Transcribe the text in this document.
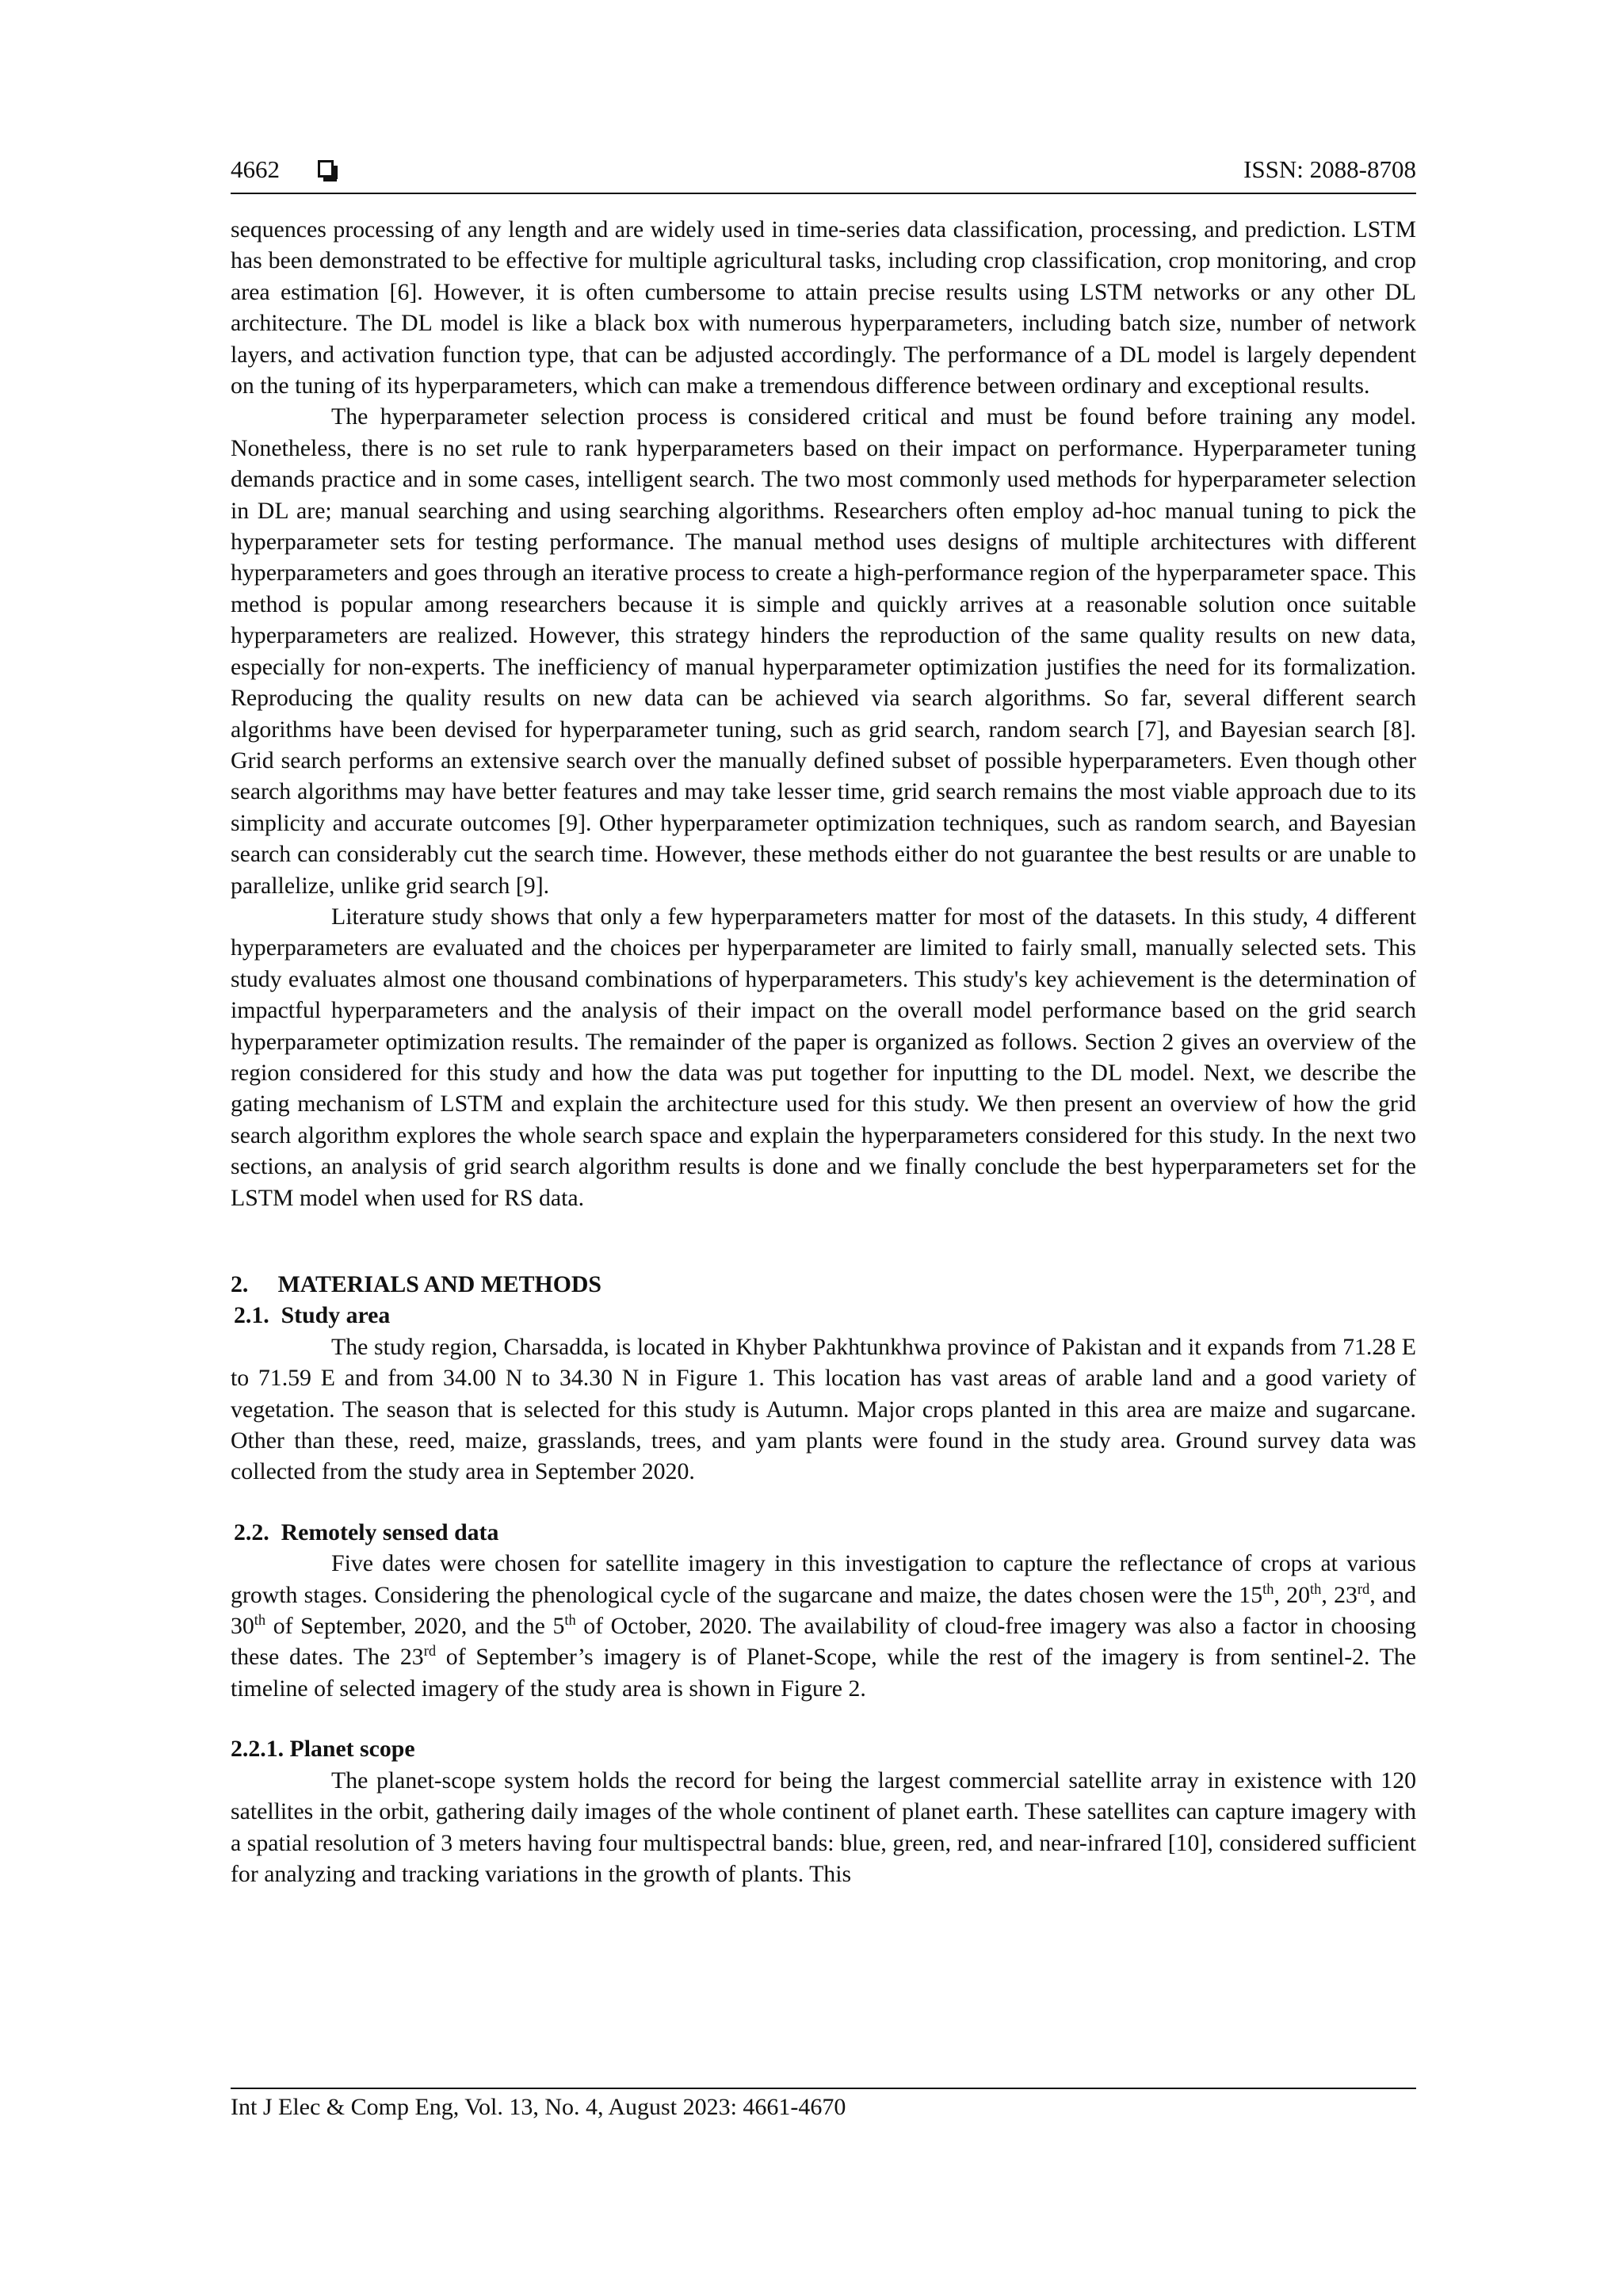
4662	ISSN: 2088-8708

sequences processing of any length and are widely used in time-series data classification, processing, and prediction. LSTM has been demonstrated to be effective for multiple agricultural tasks, including crop classification, crop monitoring, and crop area estimation [6]. However, it is often cumbersome to attain precise results using LSTM networks or any other DL architecture. The DL model is like a black box with numerous hyperparameters, including batch size, number of network layers, and activation function type, that can be adjusted accordingly. The performance of a DL model is largely dependent on the tuning of its hyperparameters, which can make a tremendous difference between ordinary and exceptional results.

The hyperparameter selection process is considered critical and must be found before training any model. Nonetheless, there is no set rule to rank hyperparameters based on their impact on performance. Hyperparameter tuning demands practice and in some cases, intelligent search. The two most commonly used methods for hyperparameter selection in DL are; manual searching and using searching algorithms. Researchers often employ ad-hoc manual tuning to pick the hyperparameter sets for testing performance. The manual method uses designs of multiple architectures with different hyperparameters and goes through an iterative process to create a high-performance region of the hyperparameter space. This method is popular among researchers because it is simple and quickly arrives at a reasonable solution once suitable hyperparameters are realized. However, this strategy hinders the reproduction of the same quality results on new data, especially for non-experts. The inefficiency of manual hyperparameter optimization justifies the need for its formalization. Reproducing the quality results on new data can be achieved via search algorithms. So far, several different search algorithms have been devised for hyperparameter tuning, such as grid search, random search [7], and Bayesian search [8]. Grid search performs an extensive search over the manually defined subset of possible hyperparameters. Even though other search algorithms may have better features and may take lesser time, grid search remains the most viable approach due to its simplicity and accurate outcomes [9]. Other hyperparameter optimization techniques, such as random search, and Bayesian search can considerably cut the search time. However, these methods either do not guarantee the best results or are unable to parallelize, unlike grid search [9].

Literature study shows that only a few hyperparameters matter for most of the datasets. In this study, 4 different hyperparameters are evaluated and the choices per hyperparameter are limited to fairly small, manually selected sets. This study evaluates almost one thousand combinations of hyperparameters. This study's key achievement is the determination of impactful hyperparameters and the analysis of their impact on the overall model performance based on the grid search hyperparameter optimization results. The remainder of the paper is organized as follows. Section 2 gives an overview of the region considered for this study and how the data was put together for inputting to the DL model. Next, we describe the gating mechanism of LSTM and explain the architecture used for this study. We then present an overview of how the grid search algorithm explores the whole search space and explain the hyperparameters considered for this study. In the next two sections, an analysis of grid search algorithm results is done and we finally conclude the best hyperparameters set for the LSTM model when used for RS data.

2.     MATERIALS AND METHODS

2.1.  Study area

The study region, Charsadda, is located in Khyber Pakhtunkhwa province of Pakistan and it expands from 71.28 E to 71.59 E and from 34.00 N to 34.30 N in Figure 1. This location has vast areas of arable land and a good variety of vegetation. The season that is selected for this study is Autumn. Major crops planted in this area are maize and sugarcane. Other than these, reed, maize, grasslands, trees, and yam plants were found in the study area. Ground survey data was collected from the study area in September 2020.

2.2.  Remotely sensed data

Five dates were chosen for satellite imagery in this investigation to capture the reflectance of crops at various growth stages. Considering the phenological cycle of the sugarcane and maize, the dates chosen were the 15th, 20th, 23rd, and 30th of September, 2020, and the 5th of October, 2020. The availability of cloud-free imagery was also a factor in choosing these dates. The 23rd of September’s imagery is of Planet-Scope, while the rest of the imagery is from sentinel-2. The timeline of selected imagery of the study area is shown in Figure 2.

2.2.1. Planet scope

The planet-scope system holds the record for being the largest commercial satellite array in existence with 120 satellites in the orbit, gathering daily images of the whole continent of planet earth. These satellites can capture imagery with a spatial resolution of 3 meters having four multispectral bands: blue, green, red, and near-infrared [10], considered sufficient for analyzing and tracking variations in the growth of plants. This

Int J Elec & Comp Eng, Vol. 13, No. 4, August 2023: 4661-4670
